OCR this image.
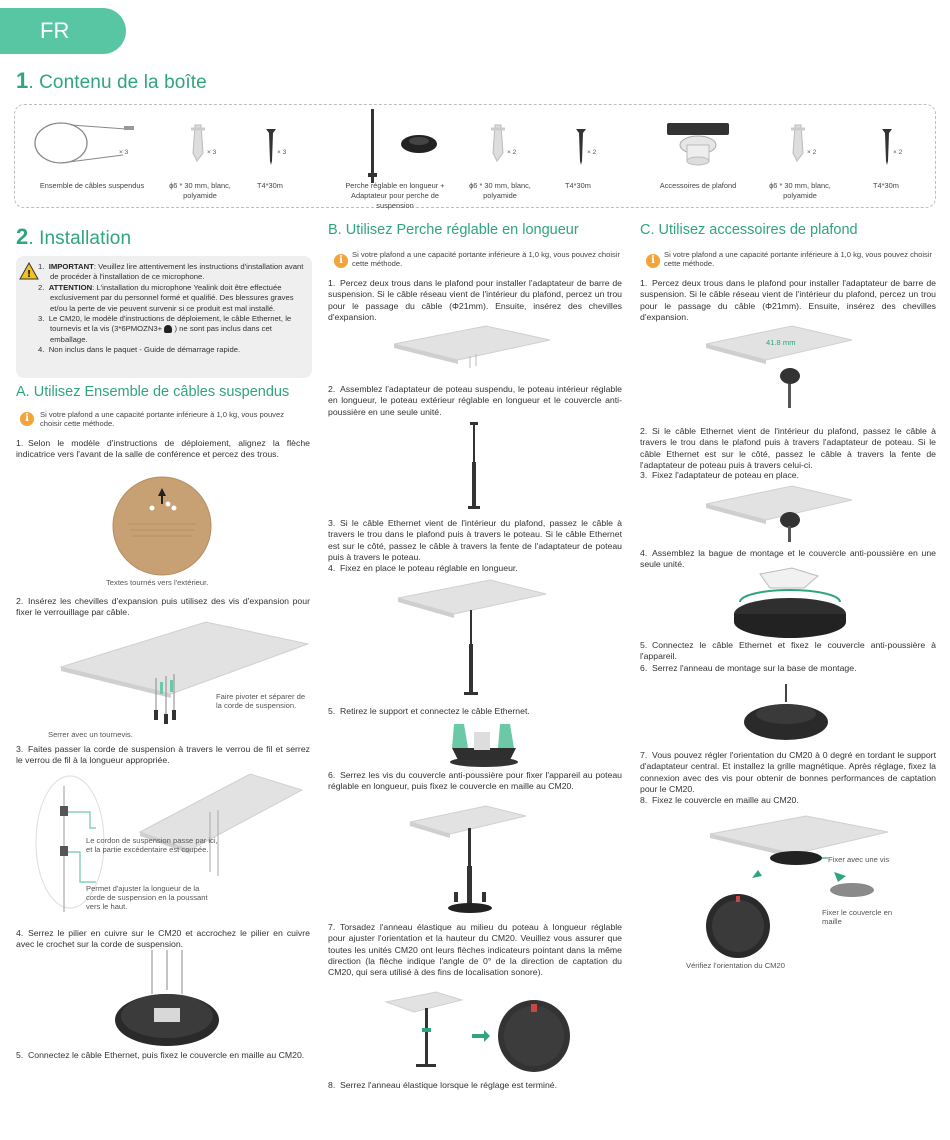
FR
1. Contenu de la boîte
× 3
Ensemble de câbles suspendus
× 3
ϕ6 * 30 mm, blanc, polyamide
× 3
T4*30m	Perche réglable en longueur + Adaptateur pour perche de suspension
× 2
ϕ6 * 30 mm, blanc, polyamide
× 2
T4*30m	Accessoires de plafond
× 2
ϕ6 * 30 mm, blanc, polyamide
× 2
T4*30m
2. Installation
!
1. IMPORTANT: Veuillez lire attentivement les instructions d'installation avant de procéder à l'installation de ce microphone.
2. ATTENTION: L'installation du microphone Yealink doit être effectuée exclusivement par du personnel formé et qualifié. Des blessures graves et/ou la perte de vie peuvent survenir si ce produit est mal installé.
3. Le CM20, le modèle d'instructions de déploiement, le câble Ethernet, le tournevis et la vis (3*6PMOZN3+ ) ne sont pas inclus dans cet emballage.
4. Non inclus dans le paquet - Guide de démarrage rapide.
A. Utilisez Ensemble de câbles suspendus
i	Si votre plafond a une capacité portante inférieure à 1,0 kg, vous pouvez choisir cette méthode.
1. Selon le modèle d'instructions de déploiement, alignez la flèche indicatrice vers l'avant de la salle de conférence et percez des trous.
Textes tournés vers l'extérieur.
2. Insérez les chevilles d'expansion puis utilisez des vis d'expansion pour fixer le verrouillage par câble.
Faire pivoter et séparer de la corde de suspension.
Serrer avec un tournevis.
3. Faites passer la corde de suspension à travers le verrou de fil et serrez le verrou de fil à la longueur appropriée.
Le cordon de suspension passe par ici, et la partie excédentaire est coupée.
Permet d'ajuster la longueur de la corde de suspension en la poussant vers le haut.
4. Serrez le pilier en cuivre sur le CM20 et accrochez le pilier en cuivre avec le crochet sur la corde de suspension.
5. Connectez le câble Ethernet, puis fixez le couvercle en maille au CM20.
B. Utilisez Perche réglable en longueur
i
Si votre plafond a une capacité portante inférieure à 1,0 kg, vous pouvez choisir cette méthode.
1. Percez deux trous dans le plafond pour installer l'adaptateur de barre de suspension. Si le câble réseau vient de l'intérieur du plafond, percez un trou pour le passage du câble (Φ21mm). Ensuite, insérez des chevilles d'expansion.
2. Assemblez l'adaptateur de poteau suspendu, le poteau intérieur réglable en longueur, le poteau extérieur réglable en longueur et le couvercle anti-poussière en une seule unité.
3. Si le câble Ethernet vient de l'intérieur du plafond, passez le câble à travers le trou dans le plafond puis à travers le poteau. Si le câble Ethernet est sur le côté, passez le câble à travers la fente de l'adaptateur de poteau puis à travers le poteau.
4. Fixez en place le poteau réglable en longueur.
5. Retirez le support et connectez le câble Ethernet.
6. Serrez les vis du couvercle anti-poussière pour fixer l'appareil au poteau réglable en longueur, puis fixez le couvercle en maille au CM20.
7. Torsadez l'anneau élastique au milieu du poteau à longueur réglable pour ajuster l'orientation et la hauteur du CM20. Veuillez vous assurer que toutes les unités CM20 ont leurs flèches indicateurs pointant dans la même direction (la flèche indique l'angle de 0° de la direction de captation du CM20, qui sera utilisé à des fins de localisation sonore).
8. Serrez l'anneau élastique lorsque le réglage est terminé.
C. Utilisez accessoires de plafond
i
Si votre plafond a une capacité portante inférieure à 1,0 kg, vous pouvez choisir cette méthode.
1. Percez deux trous dans le plafond pour installer l'adaptateur de barre de suspension. Si le câble réseau vient de l'intérieur du plafond, percez un trou pour le passage du câble (Φ21mm). Ensuite, insérez des chevilles d'expansion.
41.8 mm
2. Si le câble Ethernet vient de l'intérieur du plafond, passez le câble à travers le trou dans le plafond puis à travers l'adaptateur de poteau. Si le câble Ethernet est sur le côté, passez le câble à travers la fente de l'adaptateur de poteau puis à travers celui-ci.
3. Fixez l'adaptateur de poteau en place.
4. Assemblez la bague de montage et le couvercle anti-poussière en une seule unité.
5. Connectez le câble Ethernet et fixez le couvercle anti-poussière à l'appareil.
6. Serrez l'anneau de montage sur la base de montage.
7. Vous pouvez régler l'orientation du CM20 à 0 degré en tordant le support d'adaptateur central. Et installez la grille magnétique. Après réglage, fixez la connexion avec des vis pour obtenir de bonnes performances de captation pour le CM20.
8. Fixez le couvercle en maille au CM20.
Fixer avec une vis
Fixer le couvercle en maille
Vérifiez l'orientation du CM20
